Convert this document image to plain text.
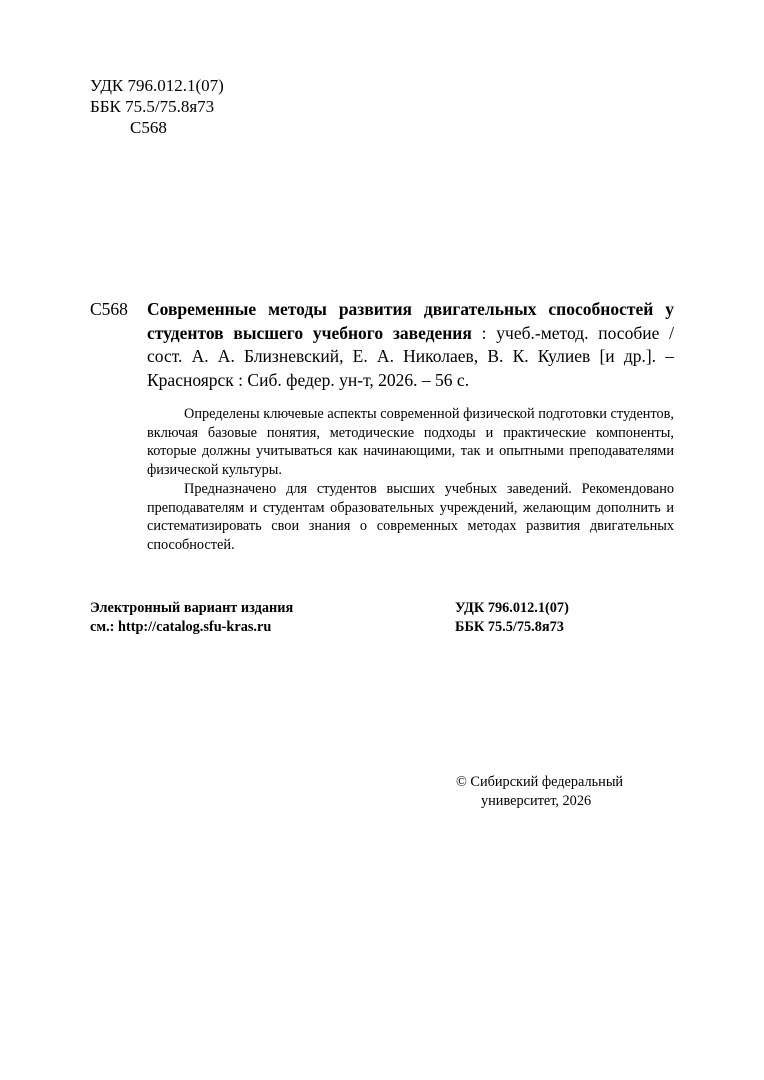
УДК 796.012.1(07)
ББК 75.5/75.8я73
С568
С568 Современные методы развития двигательных способностей у студентов высшего учебного заведения : учеб.-метод. пособие / сост. А. А. Близневский, Е. А. Николаев, В. К. Кулиев [и др.]. – Красноярск : Сиб. федер. ун-т, 2026. – 56 с.

Определены ключевые аспекты современной физической подготовки студентов, включая базовые понятия, методические подходы и практические компоненты, которые должны учитываться как начинающими, так и опытными преподавателями физической культуры.

Предназначено для студентов высших учебных заведений. Рекомендовано преподавателям и студентам образовательных учреждений, желающим дополнить и систематизировать свои знания о современных методах развития двигательных способностей.

Электронный вариант издания
см.: http://catalog.sfu-kras.ru
УДК 796.012.1(07)
ББК 75.5/75.8я73
© Сибирский федеральный
университет, 2026
